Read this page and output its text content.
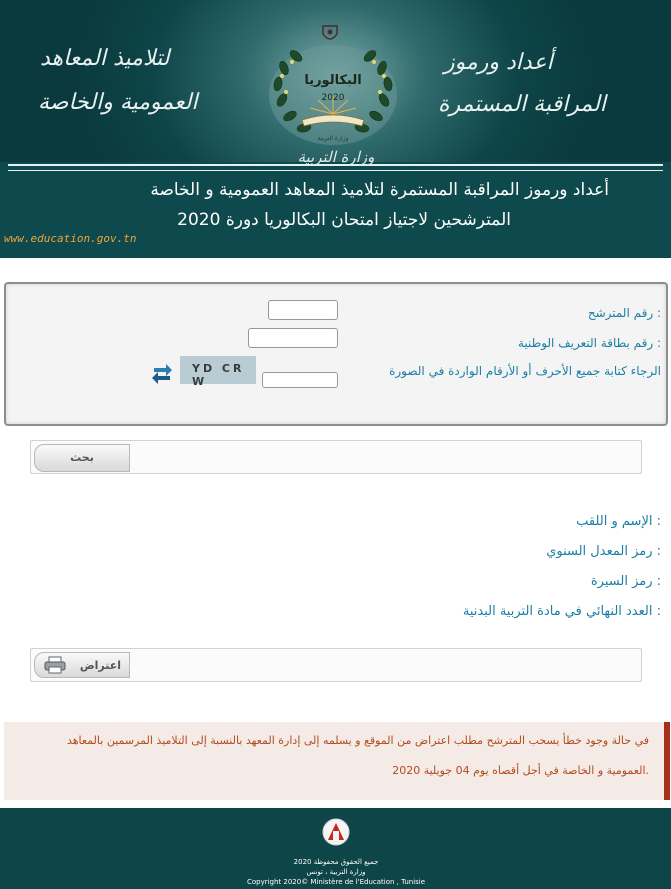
لتلاميذ المعاهد
العمومية والخاصة
أعداد ورموز
المراقبة المستمرة
البكالوريا
2020
وزارة التربية
وزارة التربية
أعداد ورموز المراقبة المستمرة لتلاميذ المعاهد العمومية و الخاصة
المترشحين لاجتياز امتحان البكالوريا دورة 2020
www.education.gov.tn
رقم المترشح :
رقم بطاقة التعريف الوطنية :
الرجاء كتابة جميع الأحرف أو الأرقام الواردة في الصورة
YD CR W
بحث
الإسم و اللقب :
رمز المعدل السنوي :
رمز السيرة :
العدد النهائي في مادة التربية البدنية :
اعتراض
في حالة وجود خطأ يسحب المترشح مطلب اعتراض من الموقع و يسلمه إلى إدارة المعهد بالنسبة إلى التلاميذ المرسمين بالمعاهد
العمومية و الخاصة في أجل أقصاه يوم 04 جويلية 2020.
جميع الحقوق محفوظة 2020
وزارة التربية ، تونس
Copyright 2020© Ministère de l'Education , Tunisie
